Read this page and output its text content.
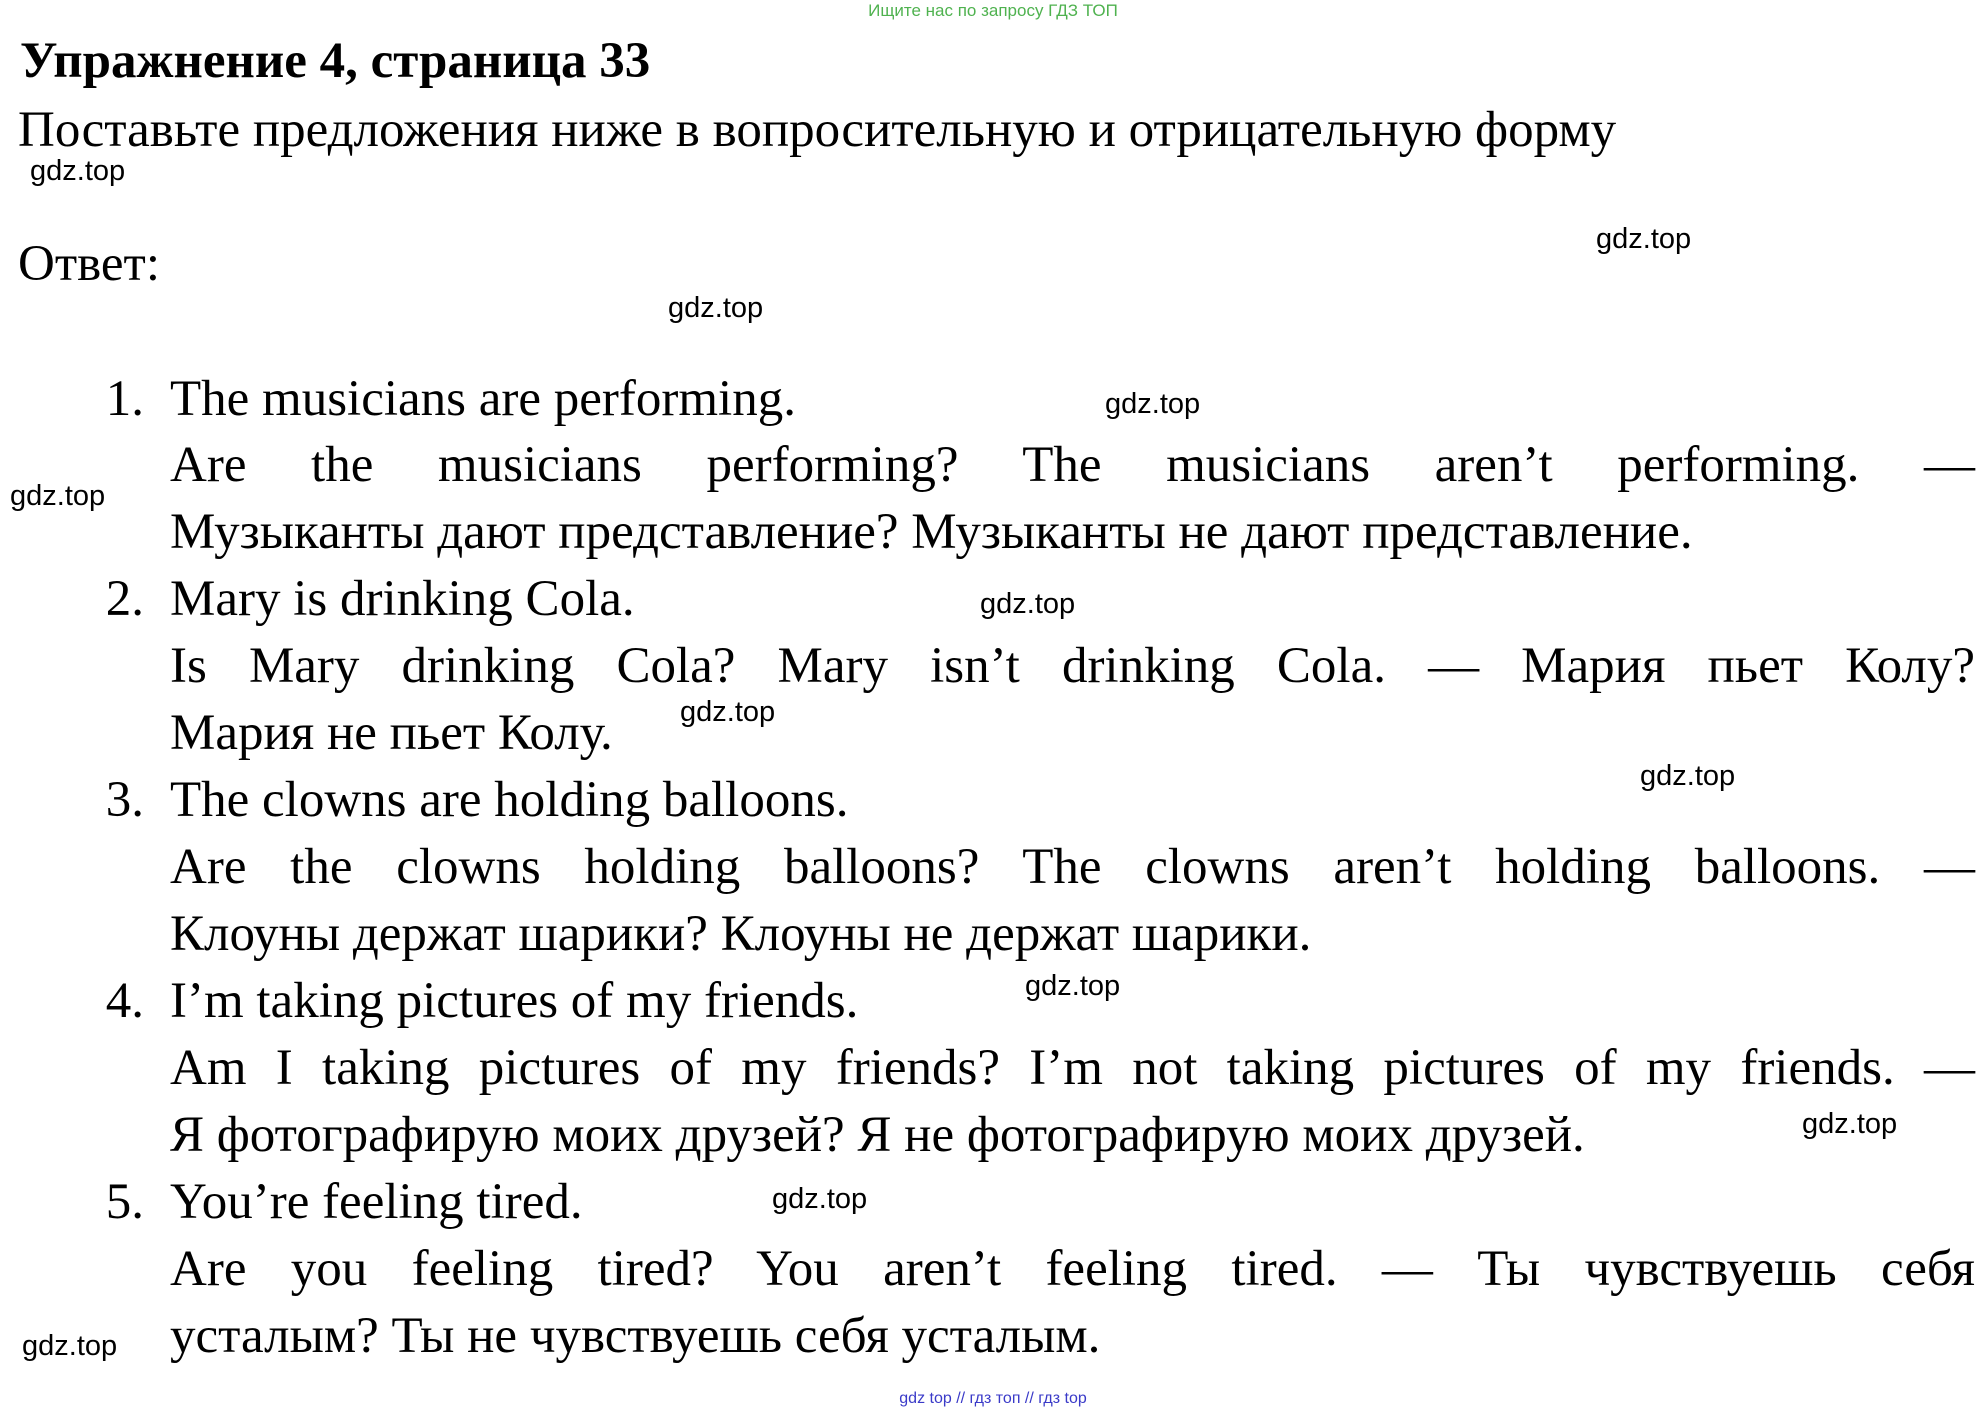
Ищите нас по запросу ГДЗ ТОП
Упражнение 4, страница 33
Поставьте предложения ниже в вопросительную и отрицательную форму
Ответ:
1. The musicians are performing.
Are the musicians performing? The musicians aren’t performing. —
Музыканты дают представление? Музыканты не дают представление.
2. Mary is drinking Cola.
Is Mary drinking Cola? Mary isn’t drinking Cola. — Мария пьет Колу?
Мария не пьет Колу.
3. The clowns are holding balloons.
Are the clowns holding balloons? The clowns aren’t holding balloons. —
Клоуны держат шарики? Клоуны не держат шарики.
4. I’m taking pictures of my friends.
Am I taking pictures of my friends? I’m not taking pictures of my friends. —
Я фотографирую моих друзей? Я не фотографирую моих друзей.
5. You’re feeling tired.
Are you feeling tired? You aren’t feeling tired. — Ты чувствуешь себя
усталым? Ты не чувствуешь себя усталым.
gdz.top
gdz.top
gdz.top
gdz.top
gdz.top
gdz.top
gdz.top
gdz.top
gdz.top
gdz.top
gdz.top
gdz.top
gdz top // гдз топ // гдз top
